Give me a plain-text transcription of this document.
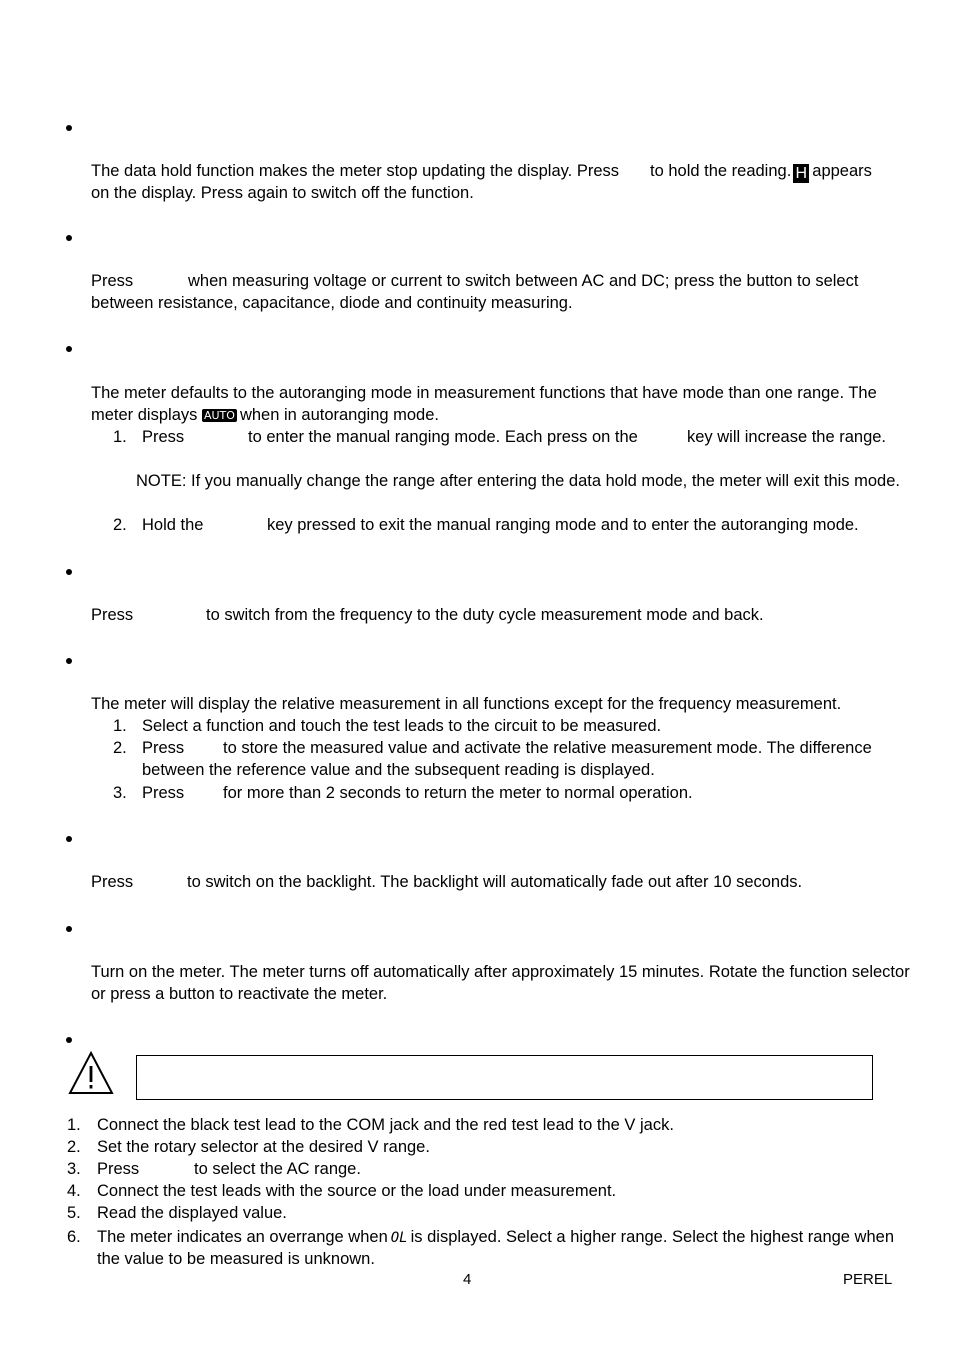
The data hold function makes the meter stop updating the display. Press to hold the reading. H appears
on the display. Press again to switch off the function.
Press	when measuring voltage or current to switch between AC and DC; press the button to select
between resistance, capacitance, diode and continuity measuring.
The meter defaults to the autoranging mode in measurement functions that have mode than one range. The
meter displays AUTO when in autoranging mode.
1. Press	to enter the manual ranging mode. Each press on the	key will increase the range.
NOTE: If you manually change the range after entering the data hold mode, the meter will exit this mode.
2. Hold the	key pressed to exit the manual ranging mode and to enter the autoranging mode.
Press	to switch from the frequency to the duty cycle measurement mode and back.
The meter will display the relative measurement in all functions except for the frequency measurement.
1. Select a function and touch the test leads to the circuit to be measured.
2. Press to store the measured value and activate the relative measurement mode. The difference
between the reference value and the subsequent reading is displayed.
3. Press for more than 2 seconds to return the meter to normal operation.
Press	to switch on the backlight. The backlight will automatically fade out after 10 seconds.
Turn on the meter. The meter turns off automatically after approximately 15 minutes. Rotate the function selector
or press a button to reactivate the meter.
1. Connect the black test lead to the COM jack and the red test lead to the V jack.
2. Set the rotary selector at the desired V range.
3. Press	to select the AC range.
4. Connect the test leads with the source or the load under measurement.
5. Read the displayed value.
6. The meter indicates an overrange when OL is displayed. Select a higher range. Select the highest range when
the value to be measured is unknown.
4	PEREL
